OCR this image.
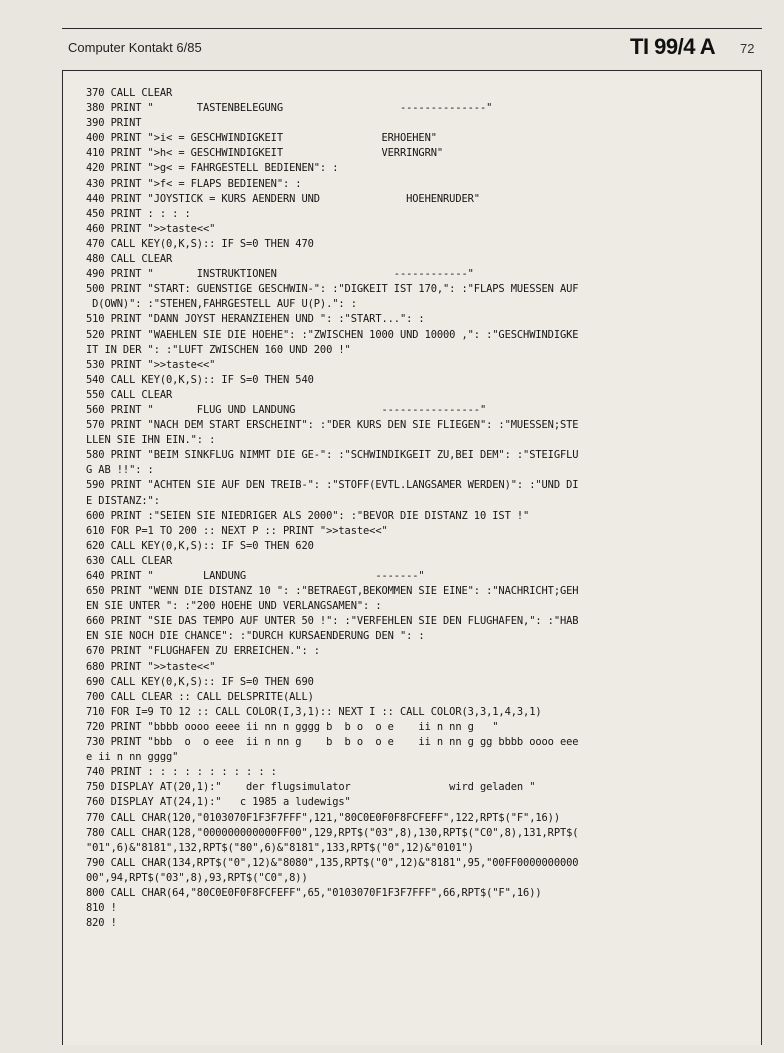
Computer Kontakt 6/85	TI 99/4 A 72
370 CALL CLEAR
380 PRINT "       TASTENBELEGUNG                   --------------"
390 PRINT
400 PRINT ">i< = GESCHWINDIGKEIT                ERHOEHEN"
410 PRINT ">h< = GESCHWINDIGKEIT                VERRINGRN"
420 PRINT ">g< = FAHRGESTELL BEDIENEN": :
430 PRINT ">f< = FLAPS BEDIENEN": :
440 PRINT "JOYSTICK = KURS AENDERN UND              HOEHENRUDER"
450 PRINT : : : :
460 PRINT ">>taste<<"
470 CALL KEY(0,K,S):: IF S=0 THEN 470
480 CALL CLEAR
490 PRINT "       INSTRUKTIONEN                   ------------"
500 PRINT "START: GUENSTIGE GESCHWIN-": :"DIGKEIT IST 170,": :"FLAPS MUESSEN AUF
D(OWN)": :"STEHEN,FAHRGESTELL AUF U(P).": :
510 PRINT "DANN JOYST HERANZIEHEN UND ": :"START...": :
520 PRINT "WAEHLEN SIE DIE HOEHE": :"ZWISCHEN 1000 UND 10000 ,": :"GESCHWINDIGKE
IT IN DER ": :"LUFT ZWISCHEN 160 UND 200 !"
530 PRINT ">>taste<<"
540 CALL KEY(0,K,S):: IF S=0 THEN 540
550 CALL CLEAR
560 PRINT "       FLUG UND LANDUNG              ----------------"
570 PRINT "NACH DEM START ERSCHEINT": :"DER KURS DEN SIE FLIEGEN": :"MUESSEN;STE
LLEN SIE IHN EIN.": :
580 PRINT "BEIM SINKFLUG NIMMT DIE GE-": :"SCHWINDIKGEIT ZU,BEI DEM": :"STEIGFLU
G AB !!": :
590 PRINT "ACHTEN SIE AUF DEN TREIB-": :"STOFF(EVTL.LANGSAMER WERDEN)": :"UND DI
E DISTANZ:":
600 PRINT :"SEIEN SIE NIEDRIGER ALS 2000": :"BEVOR DIE DISTANZ 10 IST !"
610 FOR P=1 TO 200 :: NEXT P :: PRINT ">>taste<<"
620 CALL KEY(0,K,S):: IF S=0 THEN 620
630 CALL CLEAR
640 PRINT "        LANDUNG                     -------"
650 PRINT "WENN DIE DISTANZ 10 ": :"BETRAEGT,BEKOMMEN SIE EINE": :"NACHRICHT;GEH
EN SIE UNTER ": :"200 HOEHE UND VERLANGSAMEN": :
660 PRINT "SIE DAS TEMPO AUF UNTER 50 !": :"VERFEHLEN SIE DEN FLUGHAFEN,": :"HAB
EN SIE NOCH DIE CHANCE": :"DURCH KURSAENDERUNG DEN ": :
670 PRINT "FLUGHAFEN ZU ERREICHEN.": :
680 PRINT ">>taste<<"
690 CALL KEY(0,K,S):: IF S=0 THEN 690
700 CALL CLEAR :: CALL DELSPRITE(ALL)
710 FOR I=9 TO 12 :: CALL COLOR(I,3,1):: NEXT I :: CALL COLOR(3,3,1,4,3,1)
720 PRINT "bbbb oooo eeee ii nn n gggg b  b o  o e    ii n nn g   "
730 PRINT "bbb  o  o eee  ii n nn g    b  b o  o e    ii n nn g gg bbbb oooo eee
e ii n nn gggg"
740 PRINT : : : : : : : : : : :
750 DISPLAY AT(20,1):"    der flugsimulator                wird geladen "
760 DISPLAY AT(24,1):"   c 1985 a ludewigs"
770 CALL CHAR(120,"0103070F1F3F7FFF",121,"80C0E0F0F8FCFEFF",122,RPT$("F",16))
780 CALL CHAR(128,"000000000000FF00",129,RPT$("03",8),130,RPT$("C0",8),131,RPT$(
"01",6)&"8181",132,RPT$("80",6)&"8181",133,RPT$("0",12)&"0101")
790 CALL CHAR(134,RPT$("0",12)&"8080",135,RPT$("0",12)&"8181",95,"00FF0000000000
00",94,RPT$("03",8),93,RPT$("C0",8))
800 CALL CHAR(64,"80C0E0F0F8FCFEFF",65,"0103070F1F3F7FFF",66,RPT$("F",16))
810 !
820 !
